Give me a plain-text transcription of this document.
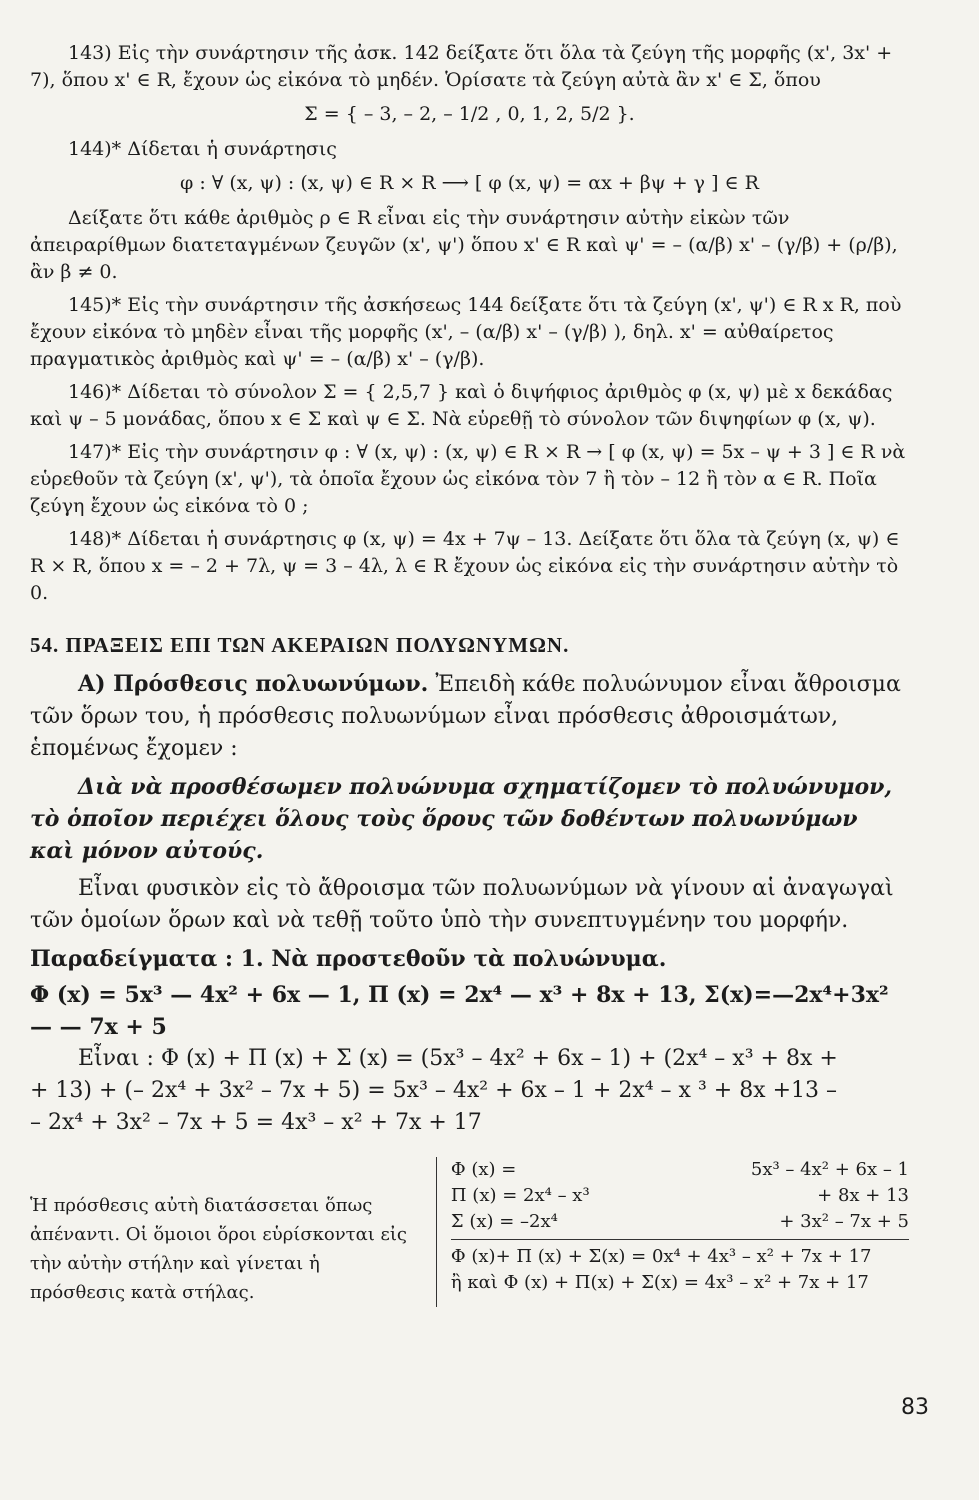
143) Εἰς τὴν συνάρτησιν τῆς ἀσκ. 142 δείξατε ὅτι ὅλα τὰ ζεύγη τῆς μορφῆς (x', 3x' + 7), ὅπου x' ∈ R, ἔχουν ὡς εἰκόνα τὸ μηδέν. Ὁρίσατε τὰ ζεύγη αὐτὰ ἂν x' ∈ Σ, ὅπου

Σ = { – 3, – 2, – 1/2 , 0, 1, 2, 5/2 }.

144)* Δίδεται ἡ συνάρτησις

φ : ∀ (x, ψ) : (x, ψ) ∈ R × R ⟶ [ φ (x, ψ) = αx + βψ + γ ] ∈ R

Δείξατε ὅτι κάθε ἀριθμὸς ρ ∈ R εἶναι εἰς τὴν συνάρτησιν αὐτὴν εἰκὼν τῶν ἀπειραρίθμων διατεταγμένων ζευγῶν (x', ψ') ὅπου x' ∈ R καὶ ψ' = – (α/β) x' – (γ/β) + (ρ/β), ἂν β ≠ 0.

145)* Εἰς τὴν συνάρτησιν τῆς ἀσκήσεως 144 δείξατε ὅτι τὰ ζεύγη (x', ψ') ∈ R x R, ποὺ ἔχουν εἰκόνα τὸ μηδὲν εἶναι τῆς μορφῆς (x', – (α/β) x' – (γ/β) ), δηλ. x' = αὐθαίρετος πραγματικὸς ἀριθμὸς καὶ ψ' = – (α/β) x' – (γ/β).

146)* Δίδεται τὸ σύνολον Σ = { 2,5,7 } καὶ ὁ διψήφιος ἀριθμὸς φ (x, ψ) μὲ x δεκάδας καὶ ψ – 5 μονάδας, ὅπου x ∈ Σ καὶ ψ ∈ Σ. Νὰ εὑρεθῇ τὸ σύνολον τῶν διψηφίων φ (x, ψ).

147)* Εἰς τὴν συνάρτησιν φ : ∀ (x, ψ) : (x, ψ) ∈ R × R → [ φ (x, ψ) = 5x – ψ + 3 ] ∈ R νὰ εὑρεθοῦν τὰ ζεύγη (x', ψ'), τὰ ὁποῖα ἔχουν ὡς εἰκόνα τὸν 7 ἢ τὸν – 12 ἢ τὸν α ∈ R. Ποῖα ζεύγη ἔχουν ὡς εἰκόνα τὸ 0 ;

148)* Δίδεται ἡ συνάρτησις φ (x, ψ) = 4x + 7ψ – 13. Δείξατε ὅτι ὅλα τὰ ζεύγη (x, ψ) ∈ R × R, ὅπου x = – 2 + 7λ, ψ = 3 – 4λ, λ ∈ R ἔχουν ὡς εἰκόνα εἰς τὴν συνάρτησιν αὐτὴν τὸ 0.

54. ΠΡΑΞΕΙΣ ΕΠΙ ΤΩΝ ΑΚΕΡΑΙΩΝ ΠΟΛΥΩΝΥΜΩΝ.

Α) Πρόσθεσις πολυωνύμων. Ἐπειδὴ κάθε πολυώνυμον εἶναι ἄθροισμα τῶν ὅρων του, ἡ πρόσθεσις πολυωνύμων εἶναι πρόσθεσις ἀθροισμάτων, ἑπομένως ἔχομεν :

Διὰ νὰ προσθέσωμεν πολυώνυμα σχηματίζομεν τὸ πολυώνυμον, τὸ ὁποῖον περιέχει ὅλους τοὺς ὅρους τῶν δοθέντων πολυωνύμων καὶ μόνον αὐτούς.

Εἶναι φυσικὸν εἰς τὸ ἄθροισμα τῶν πολυωνύμων νὰ γίνουν αἱ ἀναγωγαὶ τῶν ὁμοίων ὅρων καὶ νὰ τεθῇ τοῦτο ὑπὸ τὴν συνεπτυγμένην του μορφήν.

Παραδείγματα : 1. Νὰ προστεθοῦν τὰ πολυώνυμα.

Φ (x) = 5x³ — 4x² + 6x — 1, Π (x) = 2x⁴ — x³ + 8x + 13, Σ(x)=—2x⁴+3x²— — 7x + 5

Εἶναι : Φ (x) + Π (x) + Σ (x) = (5x³ – 4x² + 6x – 1) + (2x⁴ – x³ + 8x +

+ 13) + (– 2x⁴ + 3x² – 7x + 5) = 5x³ – 4x² + 6x – 1 + 2x⁴ – x ³ + 8x +13 –

– 2x⁴ + 3x² – 7x + 5 = 4x³ – x² + 7x + 17

Ἡ πρόσθεσις αὐτὴ διατάσσεται ὅπως ἀπέναντι. Οἱ ὅμοιοι ὅροι εὑρίσκονται εἰς τὴν αὐτὴν στήλην καὶ γίνεται ἡ πρόσθεσις κατὰ στήλας.
Φ (x) =	5x³ – 4x² + 6x – 1
Π (x) = 2x⁴ – x³	+ 8x + 13
Σ (x) = –2x⁴	+ 3x² – 7x + 5
Φ (x)+ Π (x) + Σ(x) = 0x⁴ + 4x³ – x² + 7x + 17
ἢ καὶ Φ (x) + Π(x) + Σ(x) = 4x³ – x² + 7x + 17
83
